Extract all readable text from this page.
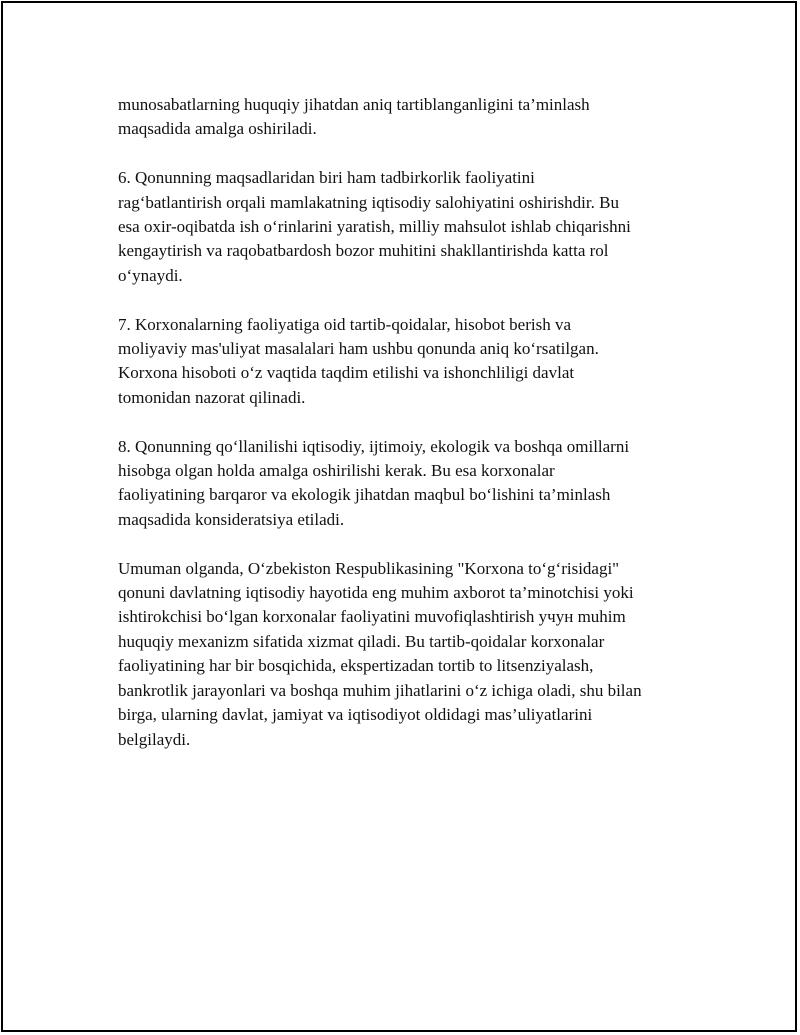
munosabatlarning huquqiy jihatdan aniq tartiblanganligini ta’minlash
maqsadida amalga oshiriladi.

6. Qonunning maqsadlaridan biri ham tadbirkorlik faoliyatini
rag‘batlantirish orqali mamlakatning iqtisodiy salohiyatini oshirishdir. Bu
esa oxir-oqibatda ish o‘rinlarini yaratish, milliy mahsulot ishlab chiqarishni
kengaytirish va raqobatbardosh bozor muhitini shakllantirishda katta rol
o‘ynaydi.

7. Korxonalarning faoliyatiga oid tartib-qoidalar, hisobot berish va
moliyaviy mas'uliyat masalalari ham ushbu qonunda aniq ko‘rsatilgan.
Korxona hisoboti o‘z vaqtida taqdim etilishi va ishonchliligi davlat
tomonidan nazorat qilinadi.

8. Qonunning qo‘llanilishi iqtisodiy, ijtimoiy, ekologik va boshqa omillarni
hisobga olgan holda amalga oshirilishi kerak. Bu esa korxonalar
faoliyatining barqaror va ekologik jihatdan maqbul bo‘lishini ta’minlash
maqsadida konsideratsiya etiladi.

Umuman olganda, O‘zbekiston Respublikasining "Korxona to‘g‘risidagi"
qonuni davlatning iqtisodiy hayotida eng muhim axborot ta’minotchisi yoki
ishtirokchisi bo‘lgan korxonalar faoliyatini muvofiqlashtirish учун muhim
huquqiy mexanizm sifatida xizmat qiladi. Bu tartib-qoidalar korxonalar
faoliyatining har bir bosqichida, ekspertizadan tortib to litsenziyalash,
bankrotlik jarayonlari va boshqa muhim jihatlarini o‘z ichiga oladi, shu bilan
birga, ularning davlat, jamiyat va iqtisodiyot oldidagi mas’uliyatlarini
belgilaydi.
